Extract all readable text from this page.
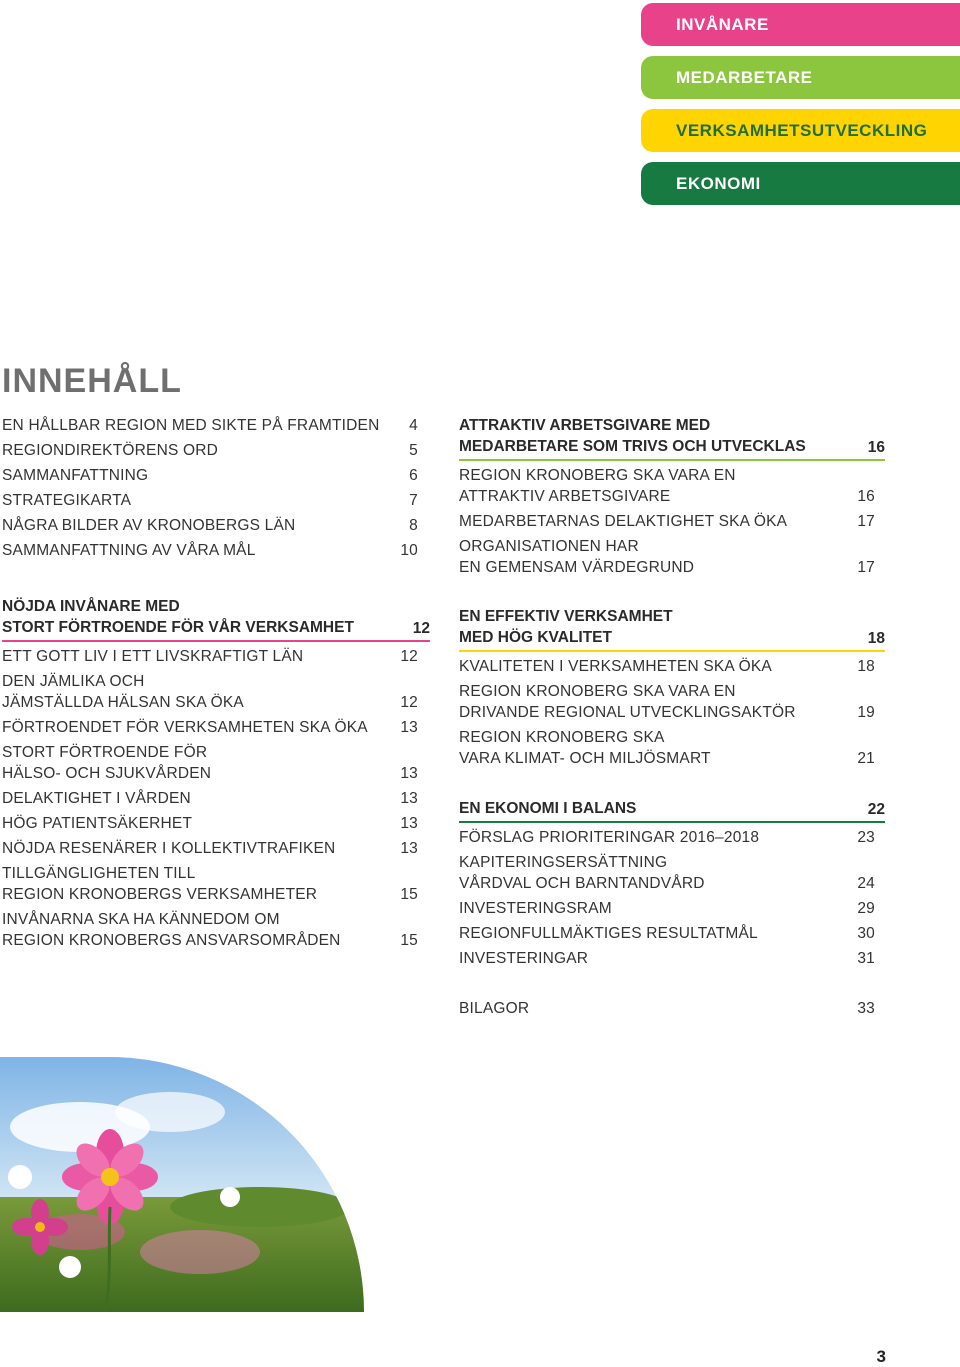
INVÅNARE
MEDARBETARE
VERKSAMHETSUTVECKLING
EKONOMI
INNEHÅLL
EN HÅLLBAR REGION MED SIKTE PÅ FRAMTIDEN	4
REGIONDIREKTÖRENS ORD	5
SAMMANFATTNING	6
STRATEGIKARTA	7
NÅGRA BILDER AV KRONOBERGS LÄN	8
SAMMANFATTNING AV VÅRA MÅL	10
NÖJDA INVÅNARE MED
STORT FÖRTROENDE FÖR VÅR VERKSAMHET	12
ETT GOTT LIV I ETT LIVSKRAFTIGT LÄN	12
DEN JÄMLIKA OCH
JÄMSTÄLLDA HÄLSAN SKA ÖKA	12
FÖRTROENDET FÖR VERKSAMHETEN SKA ÖKA	13
STORT FÖRTROENDE FÖR
HÄLSO- OCH SJUKVÅRDEN	13
DELAKTIGHET I VÅRDEN	13
HÖG PATIENTSÄKERHET	13
NÖJDA RESENÄRER I KOLLEKTIVTRAFIKEN	13
TILLGÄNGLIGHETEN TILL
REGION KRONOBERGS VERKSAMHETER	15
INVÅNARNA SKA HA KÄNNEDOM OM
REGION KRONOBERGS ANSVARSOMRÅDEN	15
ATTRAKTIV ARBETSGIVARE MED
MEDARBETARE SOM TRIVS OCH UTVECKLAS	16
REGION KRONOBERG SKA VARA EN
ATTRAKTIV ARBETSGIVARE	16
MEDARBETARNAS DELAKTIGHET SKA ÖKA	17
ORGANISATIONEN HAR
EN GEMENSAM VÄRDEGRUND	17
EN EFFEKTIV VERKSAMHET
MED HÖG KVALITET	18
KVALITETEN I VERKSAMHETEN SKA ÖKA	18
REGION KRONOBERG SKA VARA EN
DRIVANDE REGIONAL UTVECKLINGSAKTÖR	19
REGION KRONOBERG SKA
VARA KLIMAT- OCH MILJÖSMART	21
EN EKONOMI I BALANS	22
FÖRSLAG PRIORITERINGAR 2016–2018	23
KAPITERINGSERSÄTTNING
VÅRDVAL OCH BARNTANDVÅRD	24
INVESTERINGSRAM	29
REGIONFULLMÄKTIGES RESULTATMÅL	30
INVESTERINGAR	31
BILAGOR	33
3
